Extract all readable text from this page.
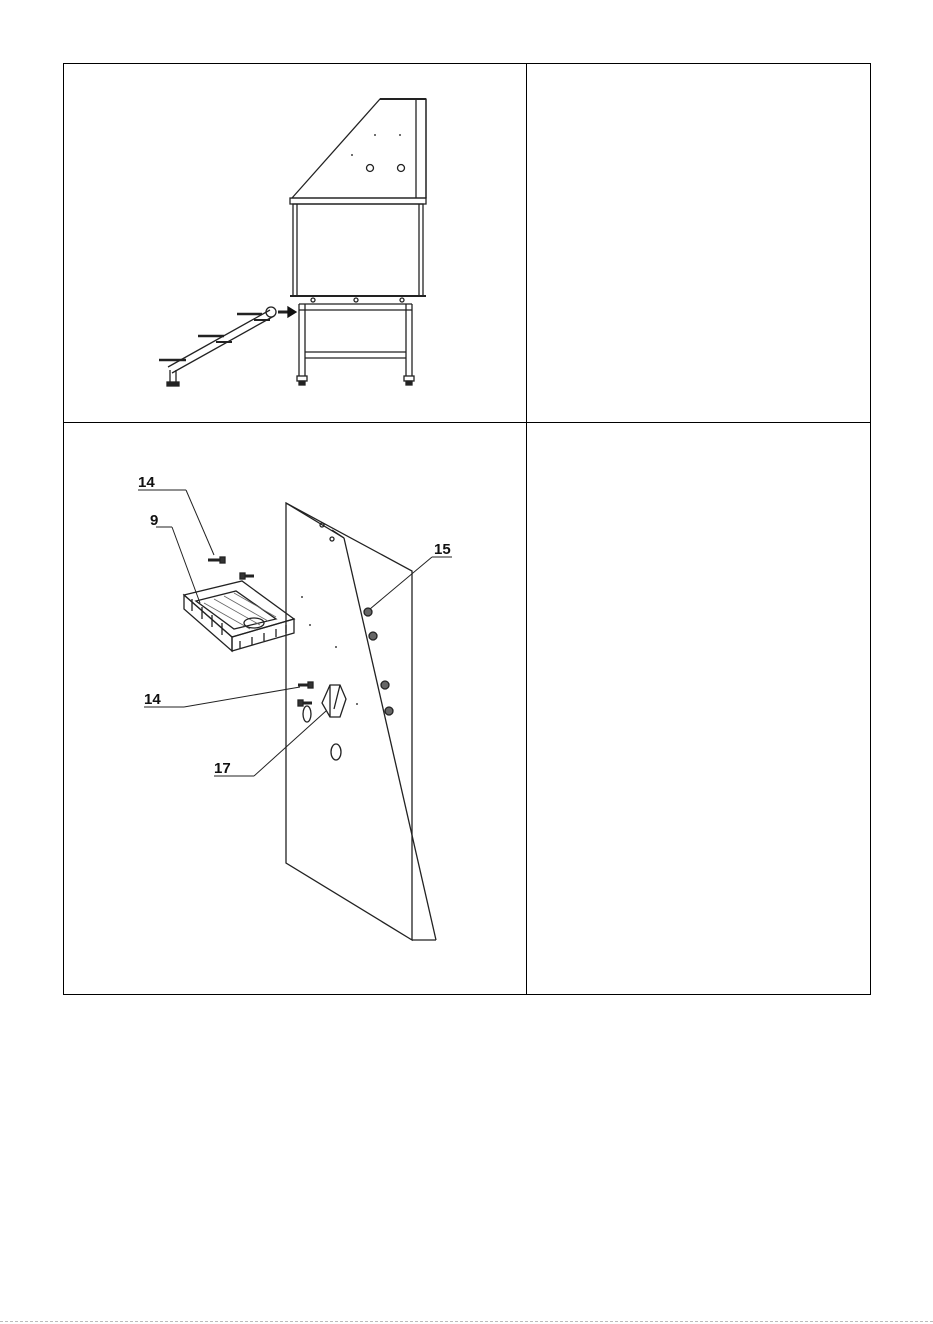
14
9
15
14
17	
